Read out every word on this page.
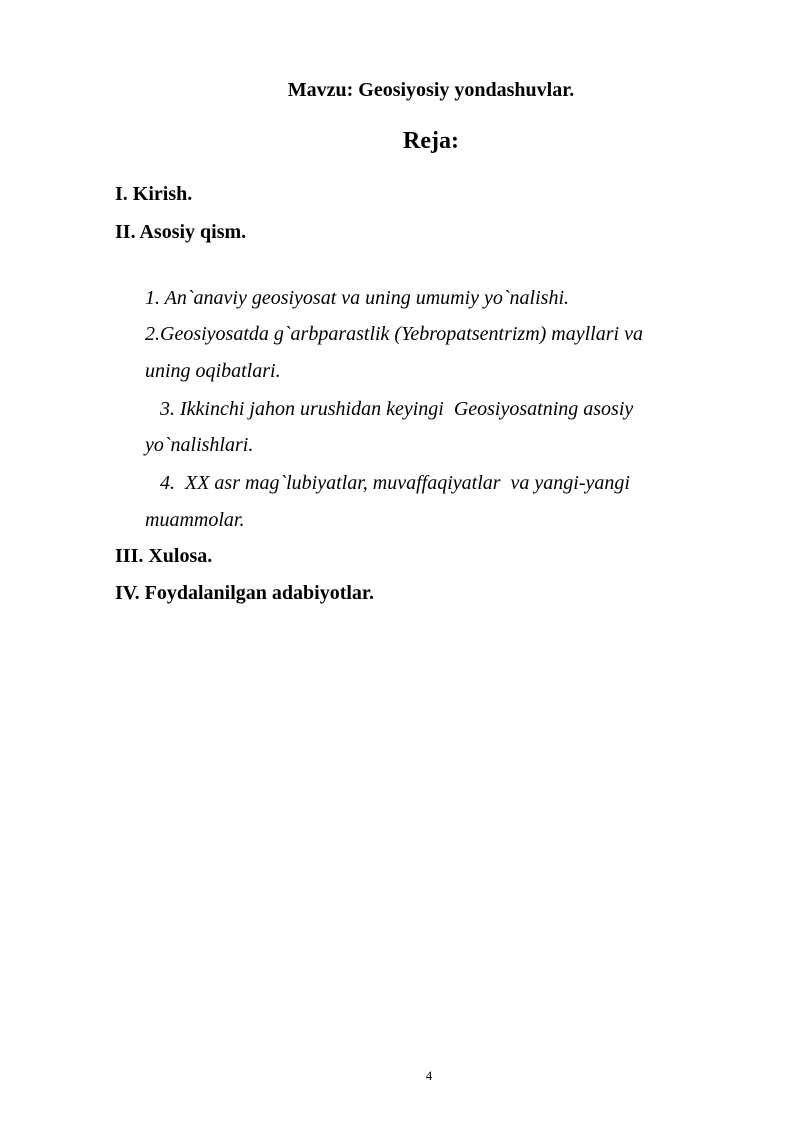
Mavzu: Geosiyosiy yondashuvlar.

Reja:

I. Kirish.

II. Asosiy qism.

1. An`anaviy geosiyosat va uning umumiy yo`nalishi.

2.Geosiyosatda g`arbparastlik (Yebropatsentrizm) mayllari va

uning oqibatlari.

3. Ikkinchi jahon urushidan keyingi  Geosiyosatning asosiy

yo`nalishlari.

4.  XX asr mag`lubiyatlar, muvaffaqiyatlar  va yangi-yangi

muammolar.

III. Xulosa.

IV. Foydalanilgan adabiyotlar.

4
